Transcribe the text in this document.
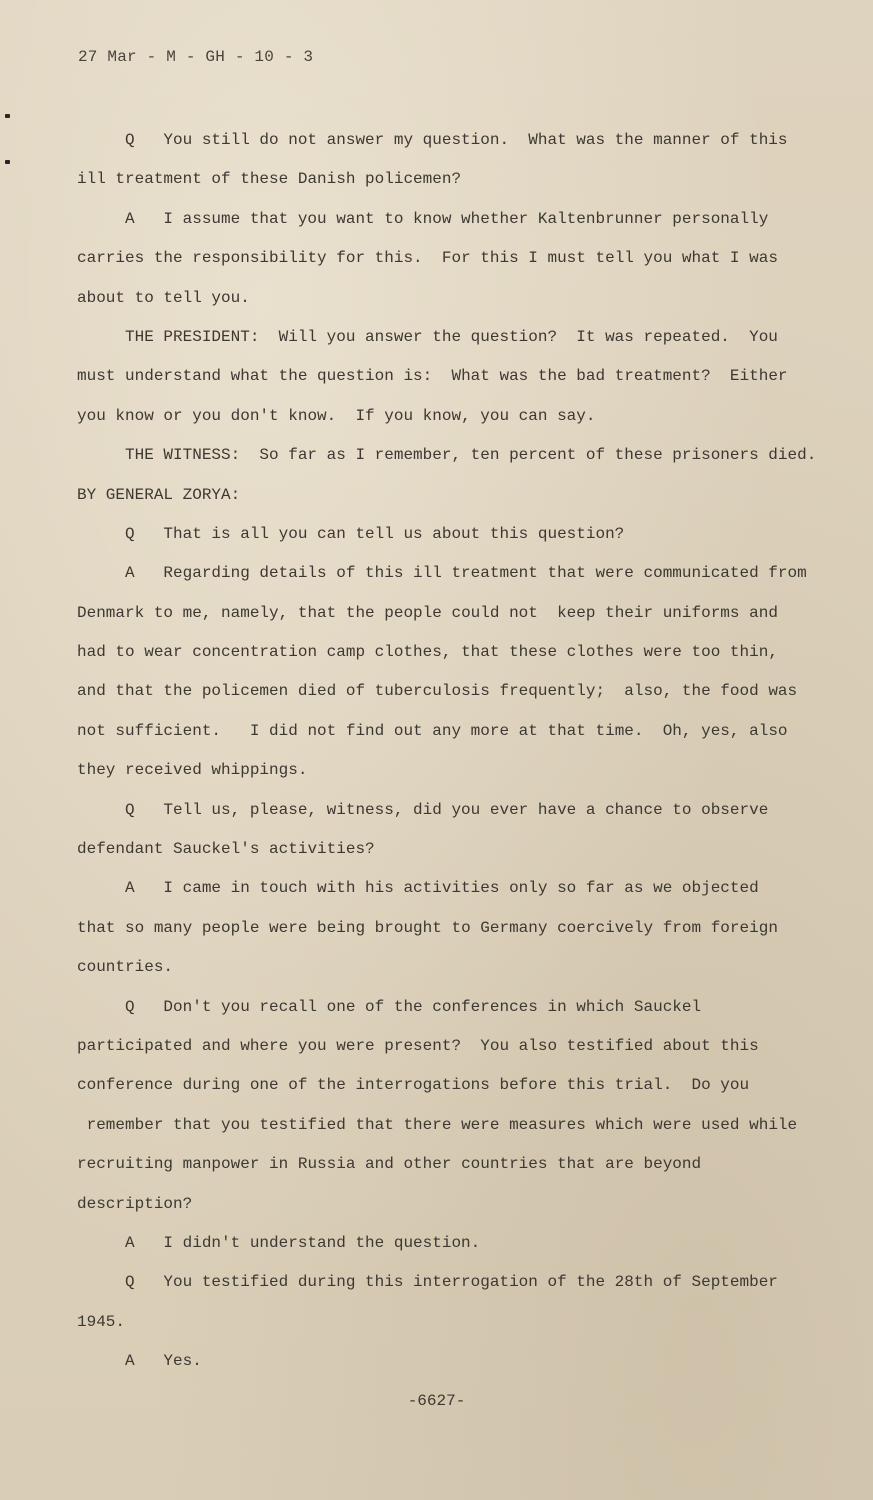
27 Mar - M - GH - 10 - 3
Q   You still do not answer my question.  What was the manner of this
ill treatment of these Danish policemen?
A   I assume that you want to know whether Kaltenbrunner personally
carries the responsibility for this.  For this I must tell you what I was
about to tell you.
THE PRESIDENT:  Will you answer the question?  It was repeated.  You
must understand what the question is:  What was the bad treatment?  Either
you know or you don't know.  If you know, you can say.
THE WITNESS:  So far as I remember, ten percent of these prisoners died.
BY GENERAL ZORYA:
Q   That is all you can tell us about this question?
A   Regarding details of this ill treatment that were communicated from
Denmark to me, namely, that the people could not  keep their uniforms and
had to wear concentration camp clothes, that these clothes were too thin,
and that the policemen died of tuberculosis frequently;  also, the food was
not sufficient.   I did not find out any more at that time.  Oh, yes, also
they received whippings.
Q   Tell us, please, witness, did you ever have a chance to observe
defendant Sauckel's activities?
A   I came in touch with his activities only so far as we objected
that so many people were being brought to Germany coercively from foreign
countries.
Q   Don't you recall one of the conferences in which Sauckel
participated and where you were present?  You also testified about this
conference during one of the interrogations before this trial.  Do you
remember that you testified that there were measures which were used while
recruiting manpower in Russia and other countries that are beyond
description?
A   I didn't understand the question.
Q   You testified during this interrogation of the 28th of September
1945.
A   Yes.
-6627-
